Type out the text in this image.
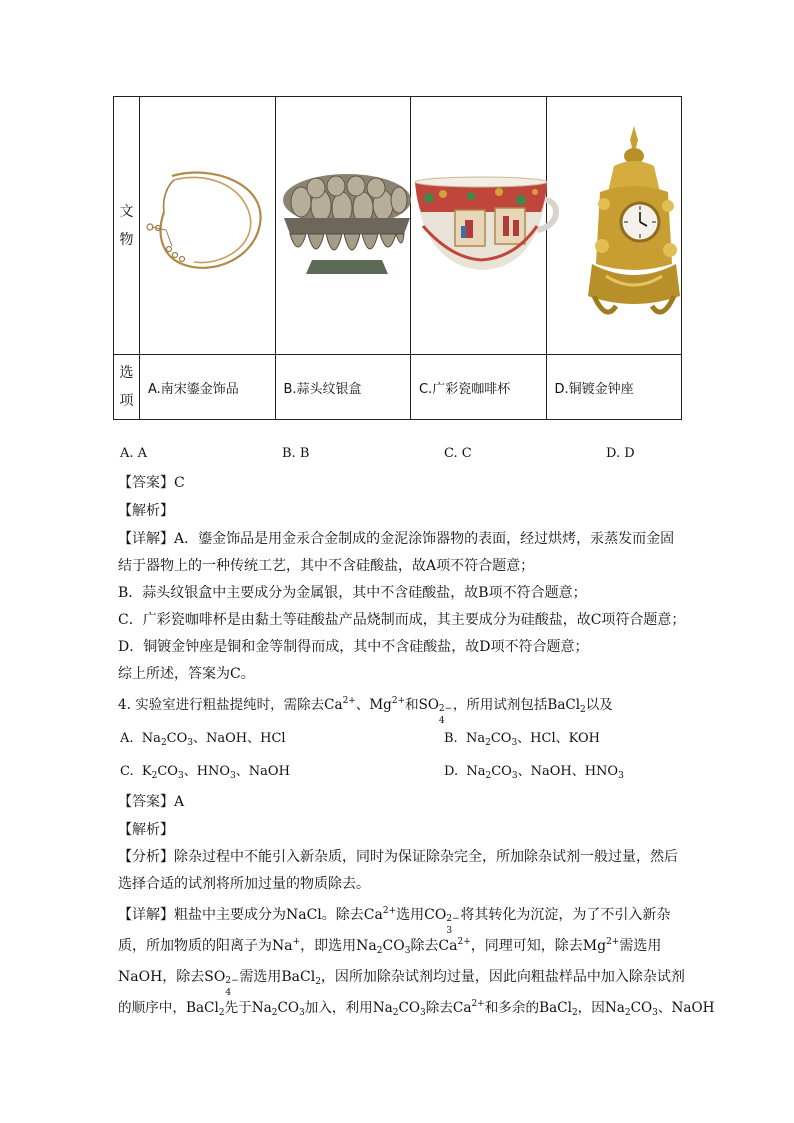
文物				
选项	A.南宋鎏金饰品	B.蒜头纹银盒	C.广彩瓷咖啡杯	D.铜镀金钟座
A. A	B. B	C. C	D. D
【答案】C
【解析】
【详解】A．鎏金饰品是用金汞合金制成的金泥涂饰器物的表面，经过烘烤，汞蒸发而金固
结于器物上的一种传统工艺，其中不含硅酸盐，故A项不符合题意；
B．蒜头纹银盒中主要成分为金属银，其中不含硅酸盐，故B项不符合题意；
C．广彩瓷咖啡杯是由黏土等硅酸盐产品烧制而成，其主要成分为硅酸盐，故C项符合题意；
D．铜镀金钟座是铜和金等制得而成，其中不含硅酸盐，故D项不符合题意；
综上所述，答案为C。
4. 实验室进行粗盐提纯时，需除去$Ca^{2+}$、$Mg^{2+}$和SO 2−
4
，所用试剂包括BaCl$_2$以及
A. $Na_2CO_3$、NaOH、HCl	B. $Na_2CO_3$、HCl、KOH
C. $K_2CO_3$、$HNO_3$、NaOH	D. $Na_2CO_3$、NaOH、$HNO_3$
【答案】A
【解析】
【分析】除杂过程中不能引入新杂质，同时为保证除杂完全，所加除杂试剂一般过量，然后
选择合适的试剂将所加过量的物质除去。
【详解】粗盐中主要成分为NaCl。除去$Ca^{2+}$选用CO 2−
3
将其转化为沉淀，为了不引入新杂
质，所加物质的阳离子为Na+，即选用$Na_2CO_3$除去$Ca^{2+}$，同理可知，除去$Mg^{2+}$需选用
NaOH，除去SO 2−
4
需选用BaCl$_2$，因所加除杂试剂均过量，因此向粗盐样品中加入除杂试剂
的顺序中，BaCl$_2$先于$Na_2CO_3$加入，利用$Na_2CO_3$除去$Ca^{2+}$和多余的BaCl$_2$，因$Na_2CO_3$、NaOH
